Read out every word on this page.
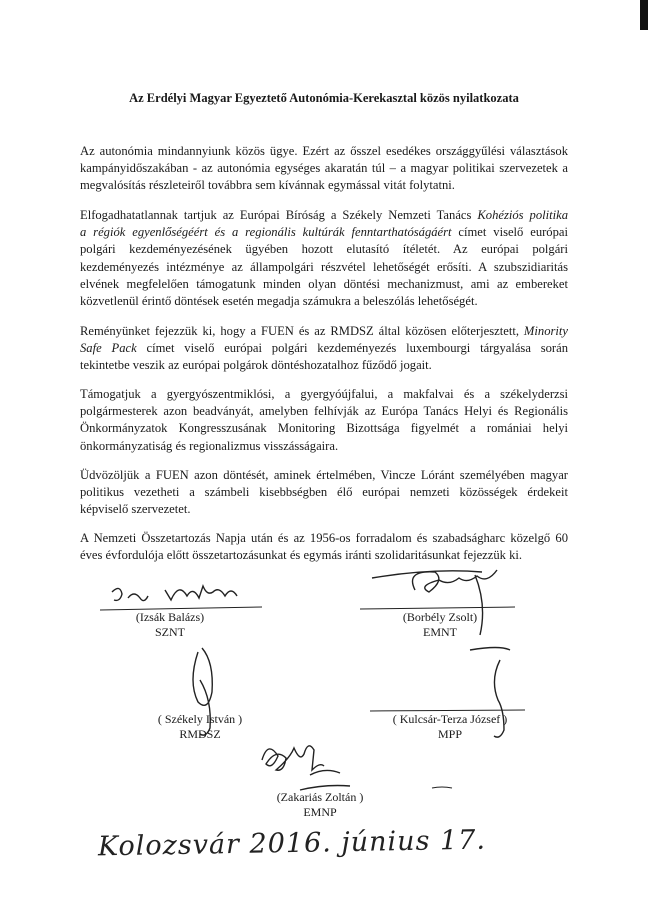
Az Erdélyi Magyar Egyeztető Autonómia-Kerekasztal közös nyilatkozata
Az autonómia mindannyiunk közös ügye. Ezért az ősszel esedékes országgyűlési választások
kampányidőszakában - az autonómia egységes akaratán túl – a magyar politikai szervezetek a
megvalósítás részleteiről továbbra sem kívánnak egymással vitát folytatni.
Elfogadhatatlannak tartjuk az Európai Bíróság a Székely Nemzeti Tanács Kohéziós politika
a régiók egyenlőségéért és a regionális kultúrák fenntarthatóságáért címet viselő európai
polgári kezdeményezésének ügyében hozott elutasító ítéletét. Az európai polgári
kezdeményezés intézménye az állampolgári részvétel lehetőségét erősíti. A szubszidiaritás
elvének megfelelően támogatunk minden olyan döntési mechanizmust, ami az embereket
közvetlenül érintő döntések esetén megadja számukra a beleszólás lehetőségét.
Reményünket fejezzük ki, hogy a FUEN és az RMDSZ által közösen előterjesztett, Minority
Safe Pack címet viselő európai polgári kezdeményezés luxembourgi tárgyalása során
tekintetbe veszik az európai polgárok döntéshozatalhoz fűződő jogait.
Támogatjuk a gyergyószentmiklósi, a gyergyóújfalui, a makfalvai és a székelyderzsi
polgármesterek azon beadványát, amelyben felhívják az Európa Tanács Helyi és Regionális
Önkormányzatok Kongresszusának Monitoring Bizottsága figyelmét a romániai helyi
önkormányzatiság és regionalizmus visszásságaira.
Üdvözöljük a FUEN azon döntését, aminek értelmében, Vincze Lóránt személyében magyar
politikus vezetheti a számbeli kisebbségben élő európai nemzeti közösségek érdekeit
képviselő szervezetet.
A Nemzeti Összetartozás Napja után és az 1956-os forradalom és szabadságharc közelgő 60
éves évfordulója előtt összetartozásunkat és egymás iránti szolidaritásunkat fejezzük ki.
(Izsák Balázs)
SZNT
(Borbély Zsolt)
EMNT
( Székely István )
RMDSZ
( Kulcsár-Terza József )
MPP
(Zakariás Zoltán )
EMNP
Kolozsvár 2016. június 17.
